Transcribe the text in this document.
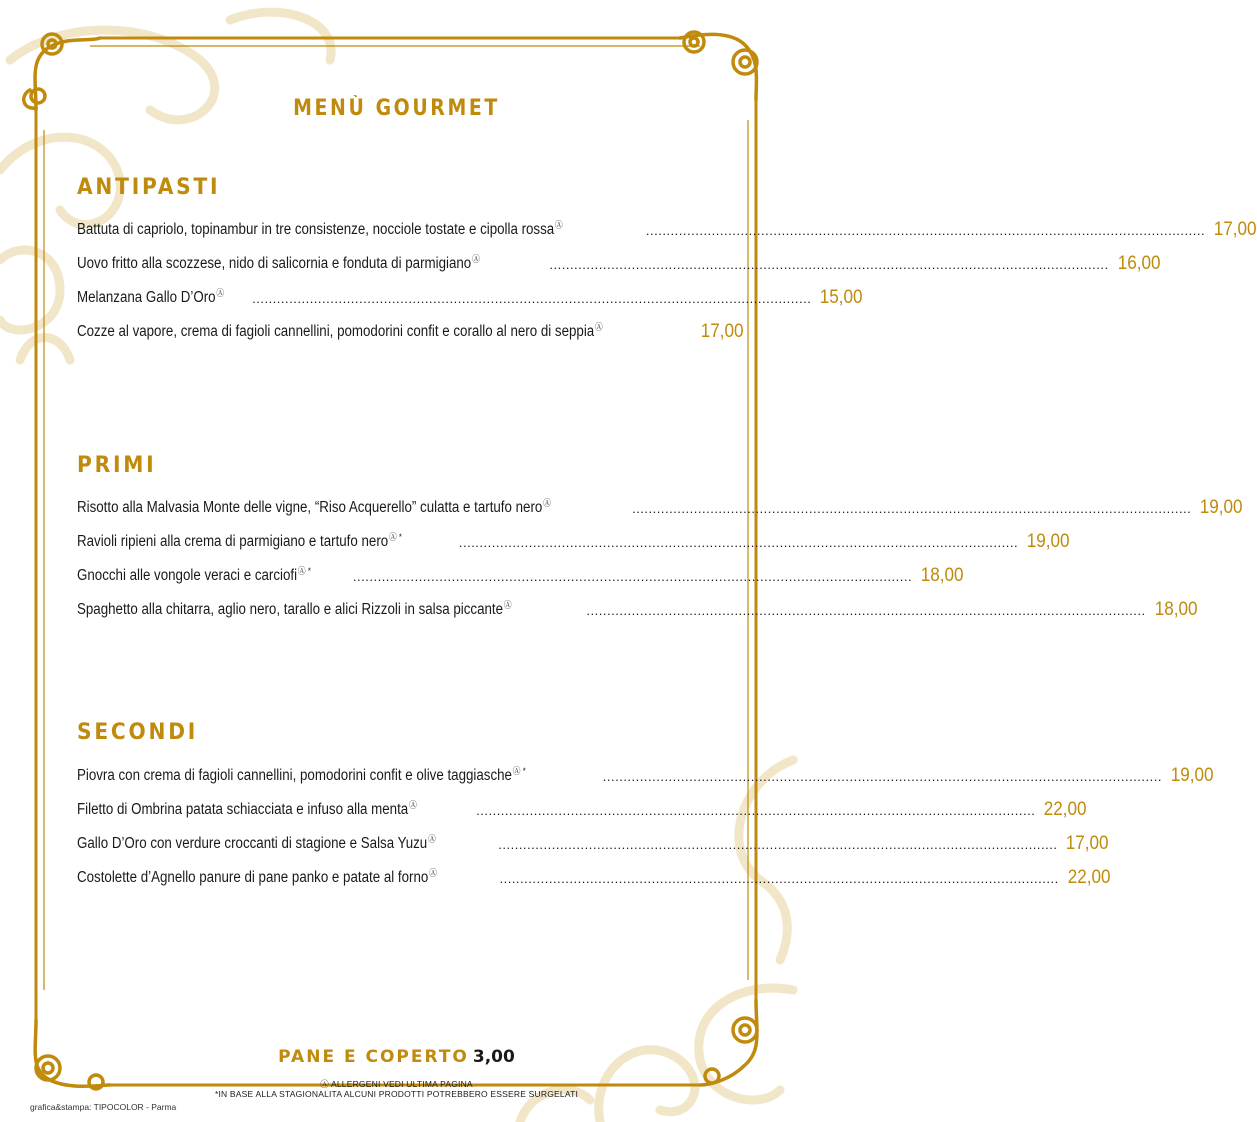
MENÙ GOURMET
ANTIPASTI
Battuta di capriolo, topinambur in tre consistenze, nocciole tostate e cipolla rossaⒶ	........................................................................................................................................ 17,00
Uovo fritto alla scozzese, nido di salicornia e fonduta di parmigianoⒶ	........................................................................................................................................ 16,00
Melanzana Gallo D’OroⒶ ........................................................................................................................................ 15,00
Cozze al vapore, crema di fagioli cannellini, pomodorini confit e corallo al nero di seppiaⒶ	17,00
PRIMI
Risotto alla Malvasia Monte delle vigne, “Riso Acquerello” culatta e tartufo neroⒶ	........................................................................................................................................ 19,00
Ravioli ripieni alla crema di parmigiano e tartufo neroⒶ *	........................................................................................................................................ 19,00
Gnocchi alle vongole veraci e carciofiⒶ *	........................................................................................................................................ 18,00
Spaghetto alla chitarra, aglio nero, tarallo e alici Rizzoli in salsa piccanteⒶ	........................................................................................................................................ 18,00
SECONDI
Piovra con crema di fagioli cannellini, pomodorini confit e olive taggiascheⒶ *	........................................................................................................................................ 19,00
Filetto di Ombrina patata schiacciata e infuso alla mentaⒶ	........................................................................................................................................ 22,00
Gallo D’Oro con verdure croccanti di stagione e Salsa YuzuⒶ	........................................................................................................................................ 17,00
Costolette d’Agnello panure di pane panko e patate al fornoⒶ	........................................................................................................................................ 22,00
PANE E COPERTO 3,00
Ⓐ ALLERGENI VEDI ULTIMA PAGINA
*IN BASE ALLA STAGIONALITA ALCUNI PRODOTTI POTREBBERO ESSERE SURGELATI
grafica&stampa: TIPOCOLOR - Parma
